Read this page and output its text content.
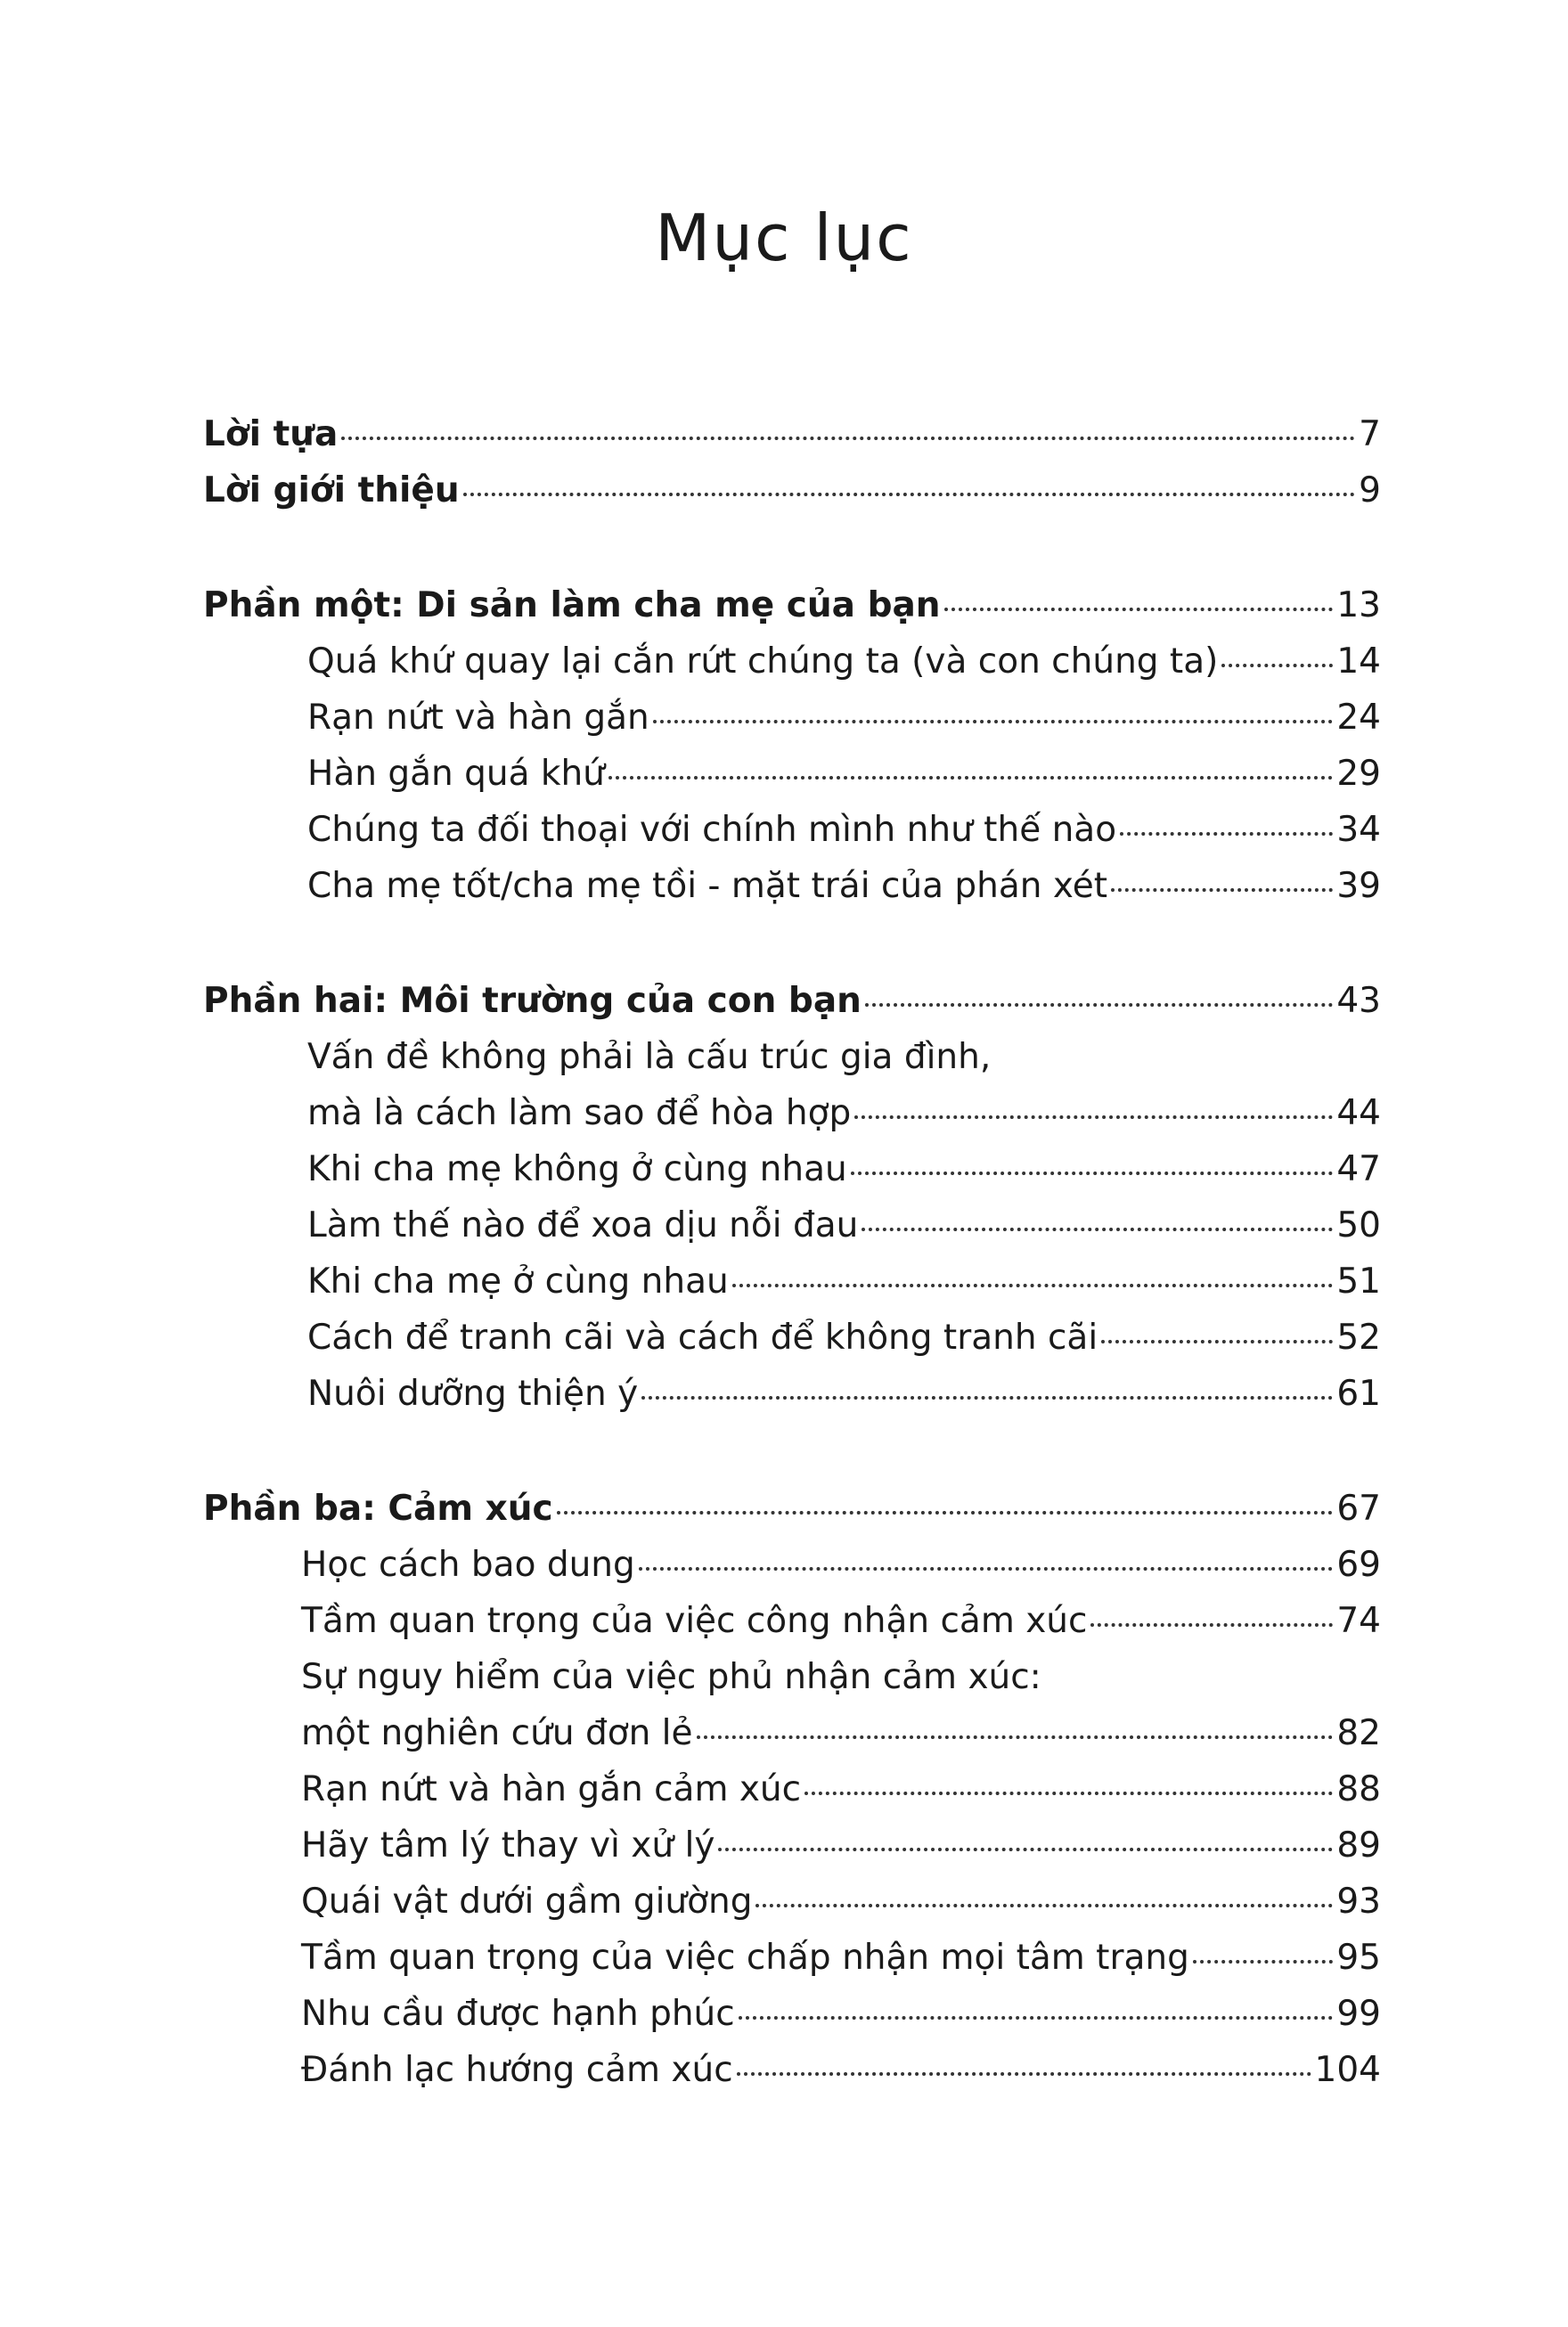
Mục lục
Lời tựa	7
Lời giới thiệu	9
Phần một: Di sản làm cha mẹ của bạn	13
Quá khứ quay lại cắn rứt chúng ta (và con chúng ta)	14
Rạn nứt và hàn gắn	24
Hàn gắn quá khứ	29
Chúng ta đối thoại với chính mình như thế nào	34
Cha mẹ tốt/cha mẹ tồi - mặt trái của phán xét	39
Phần hai: Môi trường của con bạn	43
Vấn đề không phải là cấu trúc gia đình,
mà là cách làm sao để hòa hợp	44
Khi cha mẹ không ở cùng nhau	47
Làm thế nào để xoa dịu nỗi đau	50
Khi cha mẹ ở cùng nhau	51
Cách để tranh cãi và cách để không tranh cãi	52
Nuôi dưỡng thiện ý	61
Phần ba: Cảm xúc	67
Học cách bao dung	69
Tầm quan trọng của việc công nhận cảm xúc	74
Sự nguy hiểm của việc phủ nhận cảm xúc:
một nghiên cứu đơn lẻ	82
Rạn nứt và hàn gắn cảm xúc	88
Hãy tâm lý thay vì xử lý	89
Quái vật dưới gầm giường	93
Tầm quan trọng của việc chấp nhận mọi tâm trạng	95
Nhu cầu được hạnh phúc	99
Đánh lạc hướng cảm xúc	104
